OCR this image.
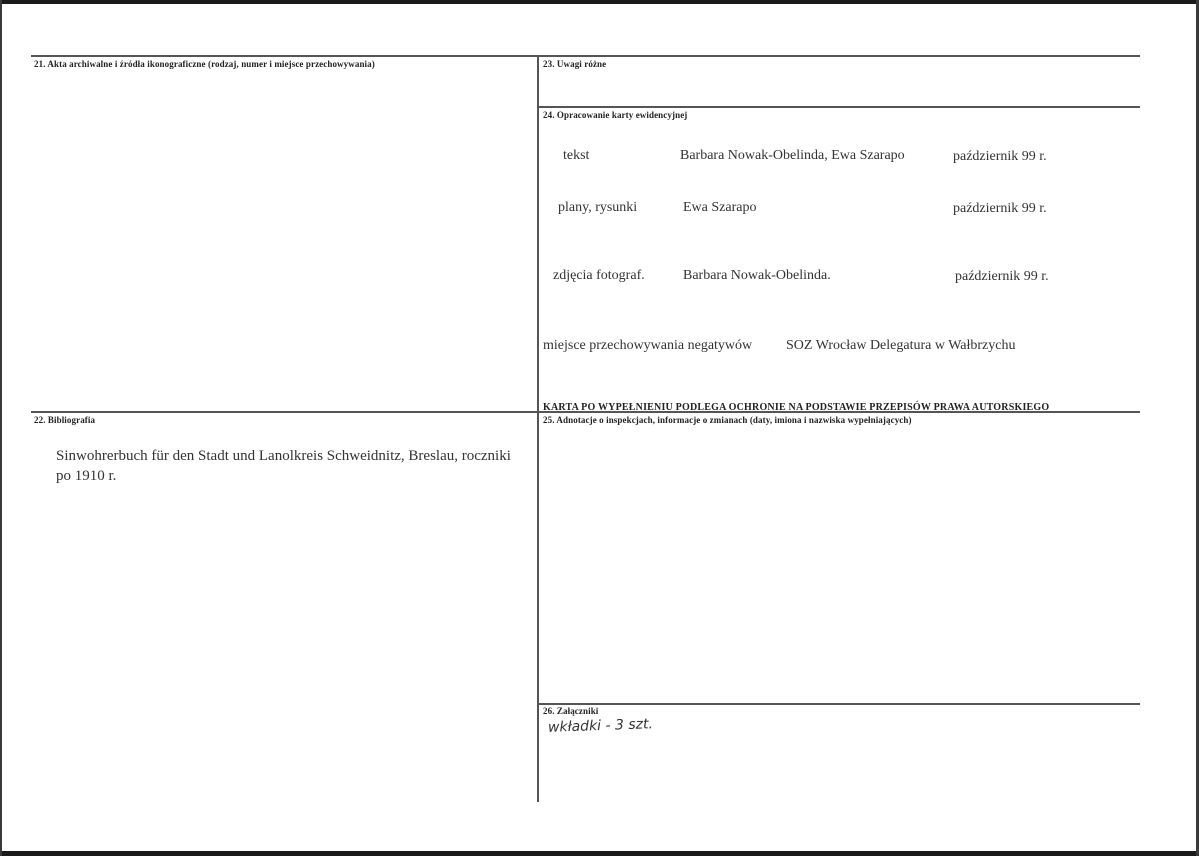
21. Akta archiwalne i źródła ikonograficzne (rodzaj, numer i miejsce przechowywania)
22. Bibliografia
Sinwohrerbuch für den Stadt und Lanolkreis Schweidnitz, Breslau, roczniki po 1910 r.
23. Uwagi różne
24. Opracowanie karty ewidencyjnej
tekst	Barbara Nowak-Obelinda, Ewa Szarapo	październik 99 r.
plany, rysunki	Ewa Szarapo	październik 99 r.
zdjęcia fotograf.	Barbara Nowak-Obelinda.	październik 99 r.
miejsce przechowywania negatywów SOZ Wrocław Delegatura w Wałbrzychu
KARTA PO WYPEŁNIENIU PODLEGA OCHRONIE NA PODSTAWIE PRZEPISÓW PRAWA AUTORSKIEGO
25. Adnotacje o inspekcjach, informacje o zmianach (daty, imiona i nazwiska wypełniających)
26. Załączniki
wkładki - 3 szt.
